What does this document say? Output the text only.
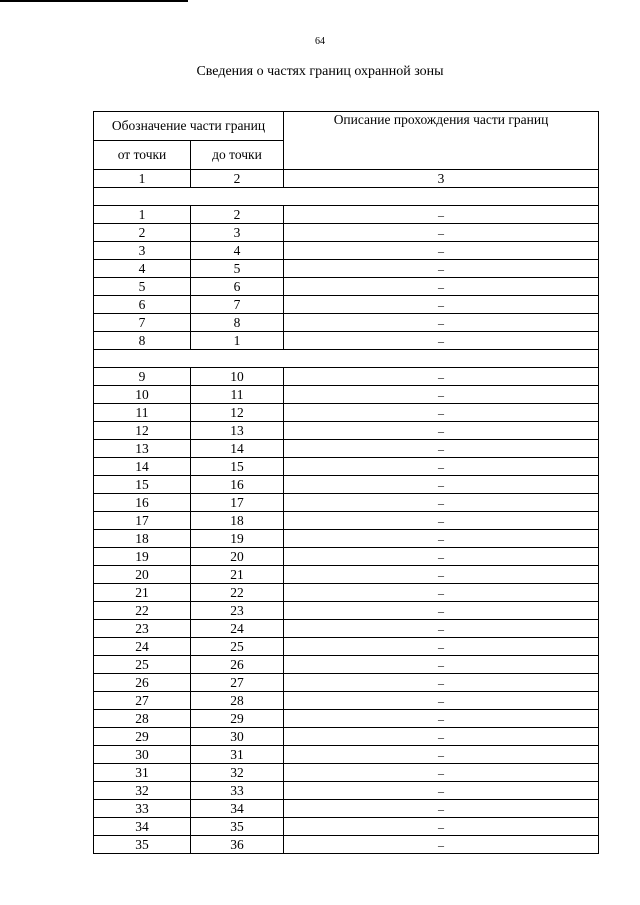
64
Сведения о частях границ охранной зоны
Обозначение части границ		Описание прохождения части границ
от точки	до точки	
1	2	3

1	2	–
2	3	–
3	4	–
4	5	–
5	6	–
6	7	–
7	8	–
8	1	–

9	10	–
10	11	–
11	12	–
12	13	–
13	14	–
14	15	–
15	16	–
16	17	–
17	18	–
18	19	–
19	20	–
20	21	–
21	22	–
22	23	–
23	24	–
24	25	–
25	26	–
26	27	–
27	28	–
28	29	–
29	30	–
30	31	–
31	32	–
32	33	–
33	34	–
34	35	–
35	36	–
